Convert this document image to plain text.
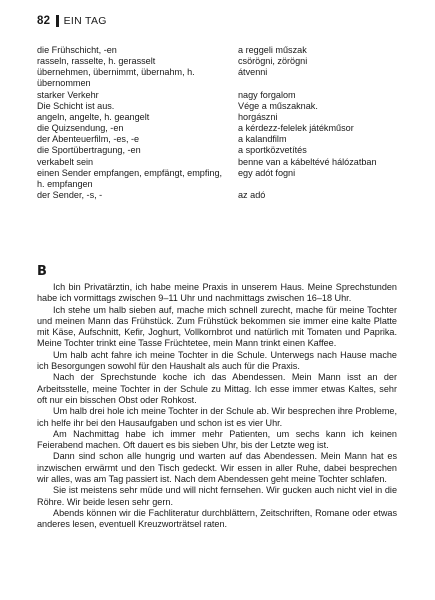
82 EIN TAG
die Frühschicht, -en	a reggeli műszak
rasseln, rasselte, h. gerasselt	csörögni, zörögni
übernehmen, übernimmt, übernahm, h.	átvenni
übernommen
starker Verkehr	nagy forgalom
Die Schicht ist aus.	Vége a műszaknak.
angeln, angelte, h. geangelt	horgászni
die Quizsendung, -en	a kérdezz-felelek játékműsor
der Abenteuerfilm, -es, -e	a kalandfilm
die Sportübertragung, -en	a sportközvetítés
verkabelt sein	benne van a kábeltévé hálózatban
einen Sender empfangen, empfängt, empfing,	egy adót fogni
h. empfangen
der Sender, -s, -	az adó
B

Ich bin Privatärztin, ich habe meine Praxis in unserem Haus. Meine Sprechstunden habe ich vormittags zwischen 9–11 Uhr und nachmittags zwischen 16–18 Uhr.

Ich stehe um halb sieben auf, mache mich schnell zurecht, mache für meine Tochter und meinen Mann das Frühstück. Zum Frühstück bekommen sie immer eine kalte Platte mit Käse, Aufschnitt, Kefir, Joghurt, Vollkornbrot und natürlich mit Tomaten und Paprika. Meine Tochter trinkt eine Tasse Früchtetee, mein Mann trinkt einen Kaffee.

Um halb acht fahre ich meine Tochter in die Schule. Unterwegs nach Hause mache ich Besorgungen sowohl für den Haushalt als auch für die Praxis.

Nach der Sprechstunde koche ich das Abendessen. Mein Mann isst an der Arbeitsstelle, meine Tochter in der Schule zu Mittag. Ich esse immer etwas Kaltes, sehr oft nur ein bisschen Obst oder Rohkost.

Um halb drei hole ich meine Tochter in der Schule ab. Wir besprechen ihre Probleme, ich helfe ihr bei den Hausaufgaben und schon ist es vier Uhr.

Am Nachmittag habe ich immer mehr Patienten, um sechs kann ich keinen Feierabend machen. Oft dauert es bis sieben Uhr, bis der Letzte weg ist.

Dann sind schon alle hungrig und warten auf das Abendessen. Mein Mann hat es inzwischen erwärmt und den Tisch gedeckt. Wir essen in aller Ruhe, dabei besprechen wir alles, was am Tag passiert ist. Nach dem Abendessen geht meine Tochter schlafen.

Sie ist meistens sehr müde und will nicht fernsehen. Wir gucken auch nicht viel in die Röhre. Wir beide lesen sehr gern.

Abends können wir die Fachliteratur durchblättern, Zeitschriften, Romane oder etwas anderes lesen, eventuell Kreuzworträtsel raten.
